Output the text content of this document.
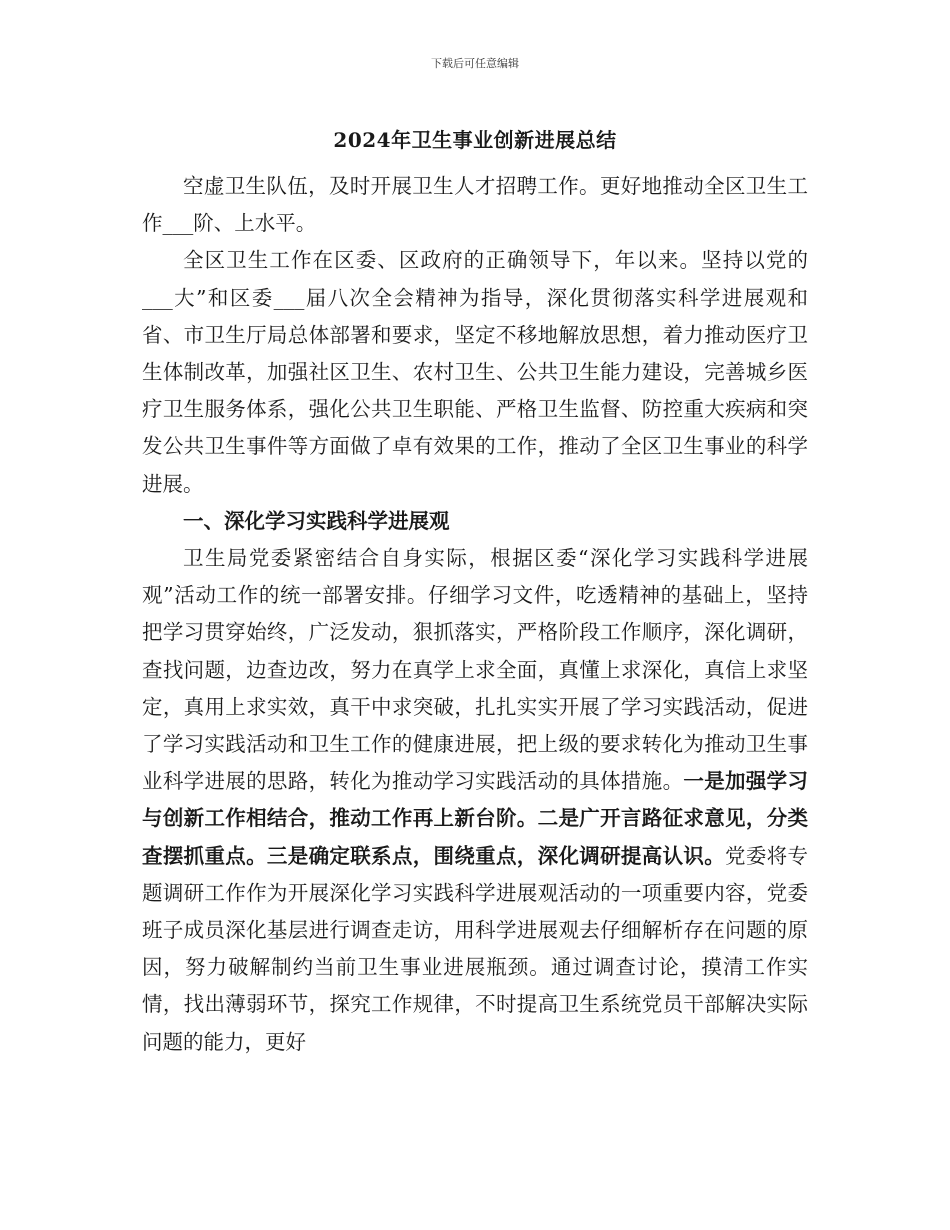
下载后可任意编辑
2024年卫生事业创新进展总结

空虚卫生队伍，及时开展卫生人才招聘工作。更好地推动全区卫生工作___阶、上水平。

全区卫生工作在区委、区政府的正确领导下，年以来。坚持以党的___大”和区委___届八次全会精神为指导，深化贯彻落实科学进展观和省、市卫生厅局总体部署和要求，坚定不移地解放思想，着力推动医疗卫生体制改革，加强社区卫生、农村卫生、公共卫生能力建设，完善城乡医疗卫生服务体系，强化公共卫生职能、严格卫生监督、防控重大疾病和突发公共卫生事件等方面做了卓有效果的工作，推动了全区卫生事业的科学进展。

一、深化学习实践科学进展观

卫生局党委紧密结合自身实际，根据区委“深化学习实践科学进展观”活动工作的统一部署安排。仔细学习文件，吃透精神的基础上，坚持把学习贯穿始终，广泛发动，狠抓落实，严格阶段工作顺序，深化调研，查找问题，边查边改，努力在真学上求全面，真懂上求深化，真信上求坚定，真用上求实效，真干中求突破，扎扎实实开展了学习实践活动，促进了学习实践活动和卫生工作的健康进展，把上级的要求转化为推动卫生事业科学进展的思路，转化为推动学习实践活动的具体措施。一是加强学习与创新工作相结合，推动工作再上新台阶。二是广开言路征求意见，分类查摆抓重点。三是确定联系点，围绕重点，深化调研提高认识。党委将专题调研工作作为开展深化学习实践科学进展观活动的一项重要内容，党委班子成员深化基层进行调查走访，用科学进展观去仔细解析存在问题的原因，努力破解制约当前卫生事业进展瓶颈。通过调查讨论，摸清工作实情，找出薄弱环节，探究工作规律，不时提高卫生系统党员干部解决实际问题的能力，更好
